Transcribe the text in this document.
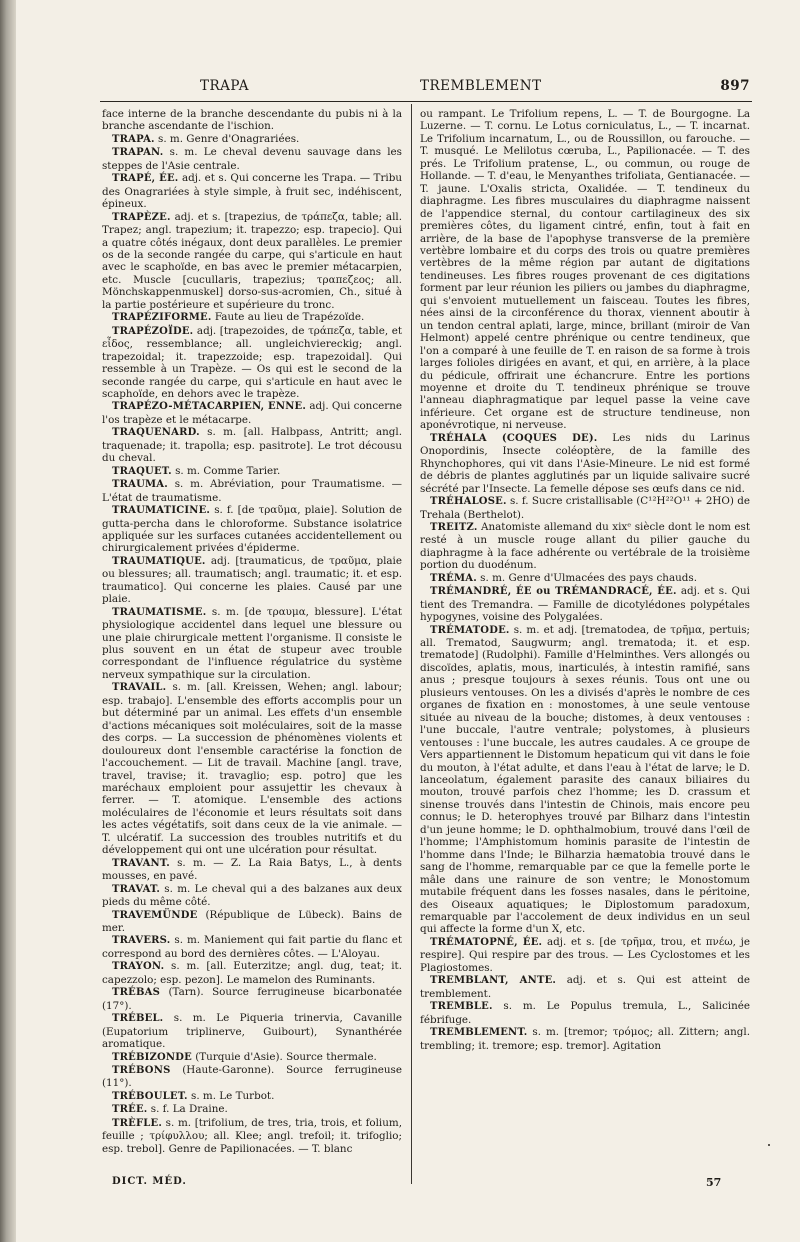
TRAPA	TREMBLEMENT	897

face interne de la branche descendante du pubis ni à la branche ascendante de l'ischion.

TRAPA. s. m. Genre d'Onagrariées.

TRAPAN. s. m. Le cheval devenu sauvage dans les steppes de l'Asie centrale.

TRAPÉ, ÉE. adj. et s. Qui concerne les Trapa. — Tribu des Onagrariées à style simple, à fruit sec, indéhiscent, épineux.

TRAPÈZE. adj. et s. [trapezius, de τράπεζα, table; all. Trapez; angl. trapezium; it. trapezzo; esp. trapecio]. Qui a quatre côtés inégaux, dont deux parallèles. Le premier os de la seconde rangée du carpe, qui s'articule en haut avec le scaphoïde, en bas avec le premier métacarpien, etc. Muscle [cucullaris, trapezius; τραπεζεος; all. Mönchskappenmuskel] dorso-sus-acromien, Ch., situé à la partie postérieure et supérieure du tronc.

TRAPÉZIFORME. Faute au lieu de Trapézoïde.

TRAPÉZOÏDE. adj. [trapezoides, de τράπεζα, table, et εἶδος, ressemblance; all. ungleichviereckig; angl. trapezoidal; it. trapezzoide; esp. trapezoidal]. Qui ressemble à un Trapèze. — Os qui est le second de la seconde rangée du carpe, qui s'articule en haut avec le scaphoïde, en dehors avec le trapèze.

TRAPÉZO-MÉTACARPIEN, ENNE. adj. Qui concerne l'os trapèze et le métacarpe.

TRAQUENARD. s. m. [all. Halbpass, Antritt; angl. traquenade; it. trapolla; esp. pasitrote]. Le trot décousu du cheval.

TRAQUET. s. m. Comme Tarier.

TRAUMA. s. m. Abréviation, pour Traumatisme. — L'état de traumatisme.

TRAUMATICINE. s. f. [de τραῦμα, plaie]. Solution de gutta-percha dans le chloroforme. Substance isolatrice appliquée sur les surfaces cutanées accidentellement ou chirurgicalement privées d'épiderme.

TRAUMATIQUE. adj. [traumaticus, de τραῦμα, plaie ou blessures; all. traumatisch; angl. traumatic; it. et esp. traumatico]. Qui concerne les plaies. Causé par une plaie.

TRAUMATISME. s. m. [de τραυμα, blessure]. L'état physiologique accidentel dans lequel une blessure ou une plaie chirurgicale mettent l'organisme. Il consiste le plus souvent en un état de stupeur avec trouble correspondant de l'influence régulatrice du système nerveux sympathique sur la circulation.

TRAVAIL. s. m. [all. Kreissen, Wehen; angl. labour; esp. trabajo]. L'ensemble des efforts accomplis pour un but déterminé par un animal. Les effets d'un ensemble d'actions mécaniques soit moléculaires, soit de la masse des corps. — La succession de phénomènes violents et douloureux dont l'ensemble caractérise la fonction de l'accouchement. — Lit de travail. Machine [angl. trave, travel, travise; it. travaglio; esp. potro] que les maréchaux emploient pour assujettir les chevaux à ferrer. — T. atomique. L'ensemble des actions moléculaires de l'économie et leurs résultats soit dans les actes végétatifs, soit dans ceux de la vie animale. — T. ulcératif. La succession des troubles nutritifs et du développement qui ont une ulcération pour résultat.

TRAVANT. s. m. — Z. La Raia Batys, L., à dents mousses, en pavé.

TRAVAT. s. m. Le cheval qui a des balzanes aux deux pieds du même côté.

TRAVEMÜNDE (République de Lübeck). Bains de mer.

TRAVERS. s. m. Maniement qui fait partie du flanc et correspond au bord des dernières côtes. — L'Aloyau.

TRAYON. s. m. [all. Euterzitze; angl. dug, teat; it. capezzolo; esp. pezon]. Le mamelon des Ruminants.

TRÉBAS (Tarn). Source ferrugineuse bicarbonatée (17°).

TRÉBEL. s. m. Le Piqueria trinervia, Cavanille (Eupatorium triplinerve, Guibourt), Synanthérée aromatique.

TRÉBIZONDE (Turquie d'Asie). Source thermale.

TRÉBONS (Haute-Garonne). Source ferrugineuse (11°).

TRÉBOULET. s. m. Le Turbot.

TRÉE. s. f. La Draine.

TRÈFLE. s. m. [trifolium, de tres, tria, trois, et folium, feuille ; τρίφυλλου; all. Klee; angl. trefoil; it. trifoglio; esp. trebol]. Genre de Papilionacées. — T. blanc

ou rampant. Le Trifolium repens, L. — T. de Bourgogne. La Luzerne. — T. cornu. Le Lotus corniculatus, L., — T. incarnat. Le Trifolium incarnatum, L., ou de Roussillon, ou farouche. — T. musqué. Le Melilotus cœruba, L., Papilionacée. — T. des prés. Le Trifolium pratense, L., ou commun, ou rouge de Hollande. — T. d'eau, le Menyanthes trifoliata, Gentianacée. — T. jaune. L'Oxalis stricta, Oxalidée. — T. tendineux du diaphragme. Les fibres musculaires du diaphragme naissent de l'appendice sternal, du contour cartilagineux des six premières côtes, du ligament cintré, enfin, tout à fait en arrière, de la base de l'apophyse transverse de la première vertèbre lombaire et du corps des trois ou quatre premières vertèbres de la même région par autant de digitations tendineuses. Les fibres rouges provenant de ces digitations forment par leur réunion les piliers ou jambes du diaphragme, qui s'envoient mutuellement un faisceau. Toutes les fibres, nées ainsi de la circonférence du thorax, viennent aboutir à un tendon central aplati, large, mince, brillant (miroir de Van Helmont) appelé centre phrénique ou centre tendineux, que l'on a comparé à une feuille de T. en raison de sa forme à trois larges folioles dirigées en avant, et qui, en arrière, à la place du pédicule, offrirait une échancrure. Entre les portions moyenne et droite du T. tendineux phrénique se trouve l'anneau diaphragmatique par lequel passe la veine cave inférieure. Cet organe est de structure tendineuse, non aponévrotique, ni nerveuse.

TRÉHALA (COQUES DE). Les nids du Larinus Onopordinis, Insecte coléoptère, de la famille des Rhynchophores, qui vit dans l'Asie-Mineure. Le nid est formé de débris de plantes agglutinés par un liquide salivaire sucré sécrété par l'Insecte. La femelle dépose ses œufs dans ce nid.

TRÉHALOSE. s. f. Sucre cristallisable (C¹²H²²O¹¹ + 2HO) de Trehala (Berthelot).

TREITZ. Anatomiste allemand du xixᵉ siècle dont le nom est resté à un muscle rouge allant du pilier gauche du diaphragme à la face adhérente ou vertébrale de la troisième portion du duodénum.

TRÉMA. s. m. Genre d'Ulmacées des pays chauds.

TRÉMANDRÉ, ÉE ou TRÉMANDRACÉ, ÉE. adj. et s. Qui tient des Tremandra. — Famille de dicotylédones polypétales hypogynes, voisine des Polygalées.

TRÉMATODE. s. m. et adj. [trematodea, de τρῆμα, pertuis; all. Trematod, Saugwurm; angl. trematoda; it. et esp. trematode] (Rudolphi). Famille d'Helminthes. Vers allongés ou discoïdes, aplatis, mous, inarticulés, à intestin ramifié, sans anus ; presque toujours à sexes réunis. Tous ont une ou plusieurs ventouses. On les a divisés d'après le nombre de ces organes de fixation en : monostomes, à une seule ventouse située au niveau de la bouche; distomes, à deux ventouses : l'une buccale, l'autre ventrale; polystomes, à plusieurs ventouses : l'une buccale, les autres caudales. A ce groupe de Vers appartiennent le Distomum hepaticum qui vit dans le foie du mouton, à l'état adulte, et dans l'eau à l'état de larve; le D. lanceolatum, également parasite des canaux biliaires du mouton, trouvé parfois chez l'homme; les D. crassum et sinense trouvés dans l'intestin de Chinois, mais encore peu connus; le D. heterophyes trouvé par Bilharz dans l'intestin d'un jeune homme; le D. ophthalmobium, trouvé dans l'œil de l'homme; l'Amphistomum hominis parasite de l'intestin de l'homme dans l'Inde; le Bilharzia hæmatobia trouvé dans le sang de l'homme, remarquable par ce que la femelle porte le mâle dans une rainure de son ventre; le Monostomum mutabile fréquent dans les fosses nasales, dans le péritoine, des Oiseaux aquatiques; le Diplostomum paradoxum, remarquable par l'accolement de deux individus en un seul qui affecte la forme d'un X, etc.

TRÉMATOPNÉ, ÉE. adj. et s. [de τρῆμα, trou, et πνέω, je respire]. Qui respire par des trous. — Les Cyclostomes et les Plagiostomes.

TREMBLANT, ANTE. adj. et s. Qui est atteint de tremblement.

TREMBLE. s. m. Le Populus tremula, L., Salicinée fébrifuge.

TREMBLEMENT. s. m. [tremor; τρόμος; all. Zittern; angl. trembling; it. tremore; esp. tremor]. Agitation

DICT. MÉD.	57
